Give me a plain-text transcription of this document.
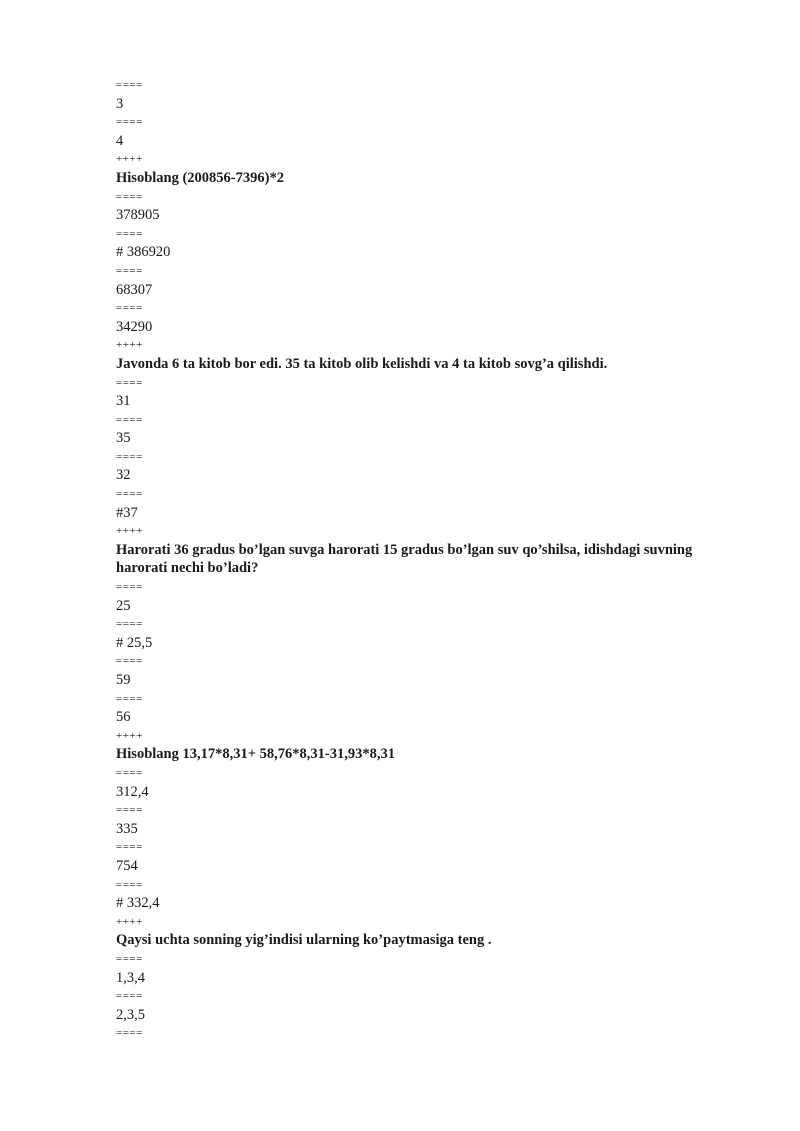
====
3
====
4
++++
Hisoblang (200856-7396)*2
====
378905
====
# 386920
====
68307
====
34290
++++
Javonda 6 ta kitob bor edi. 35 ta kitob olib kelishdi va 4 ta kitob sovg’a qilishdi.
====
31
====
35
====
32
====
#37
++++
Harorati 36 gradus bo’lgan suvga harorati 15 gradus bo’lgan suv qo’shilsa, idishdagi suvning harorati nechi bo’ladi?
====
25
====
# 25,5
====
59
====
56
++++
Hisoblang 13,17*8,31+ 58,76*8,31-31,93*8,31
====
312,4
====
335
====
754
====
# 332,4
++++
Qaysi uchta sonning yig’indisi ularning ko’paytmasiga teng .
====
1,3,4
====
2,3,5
====
